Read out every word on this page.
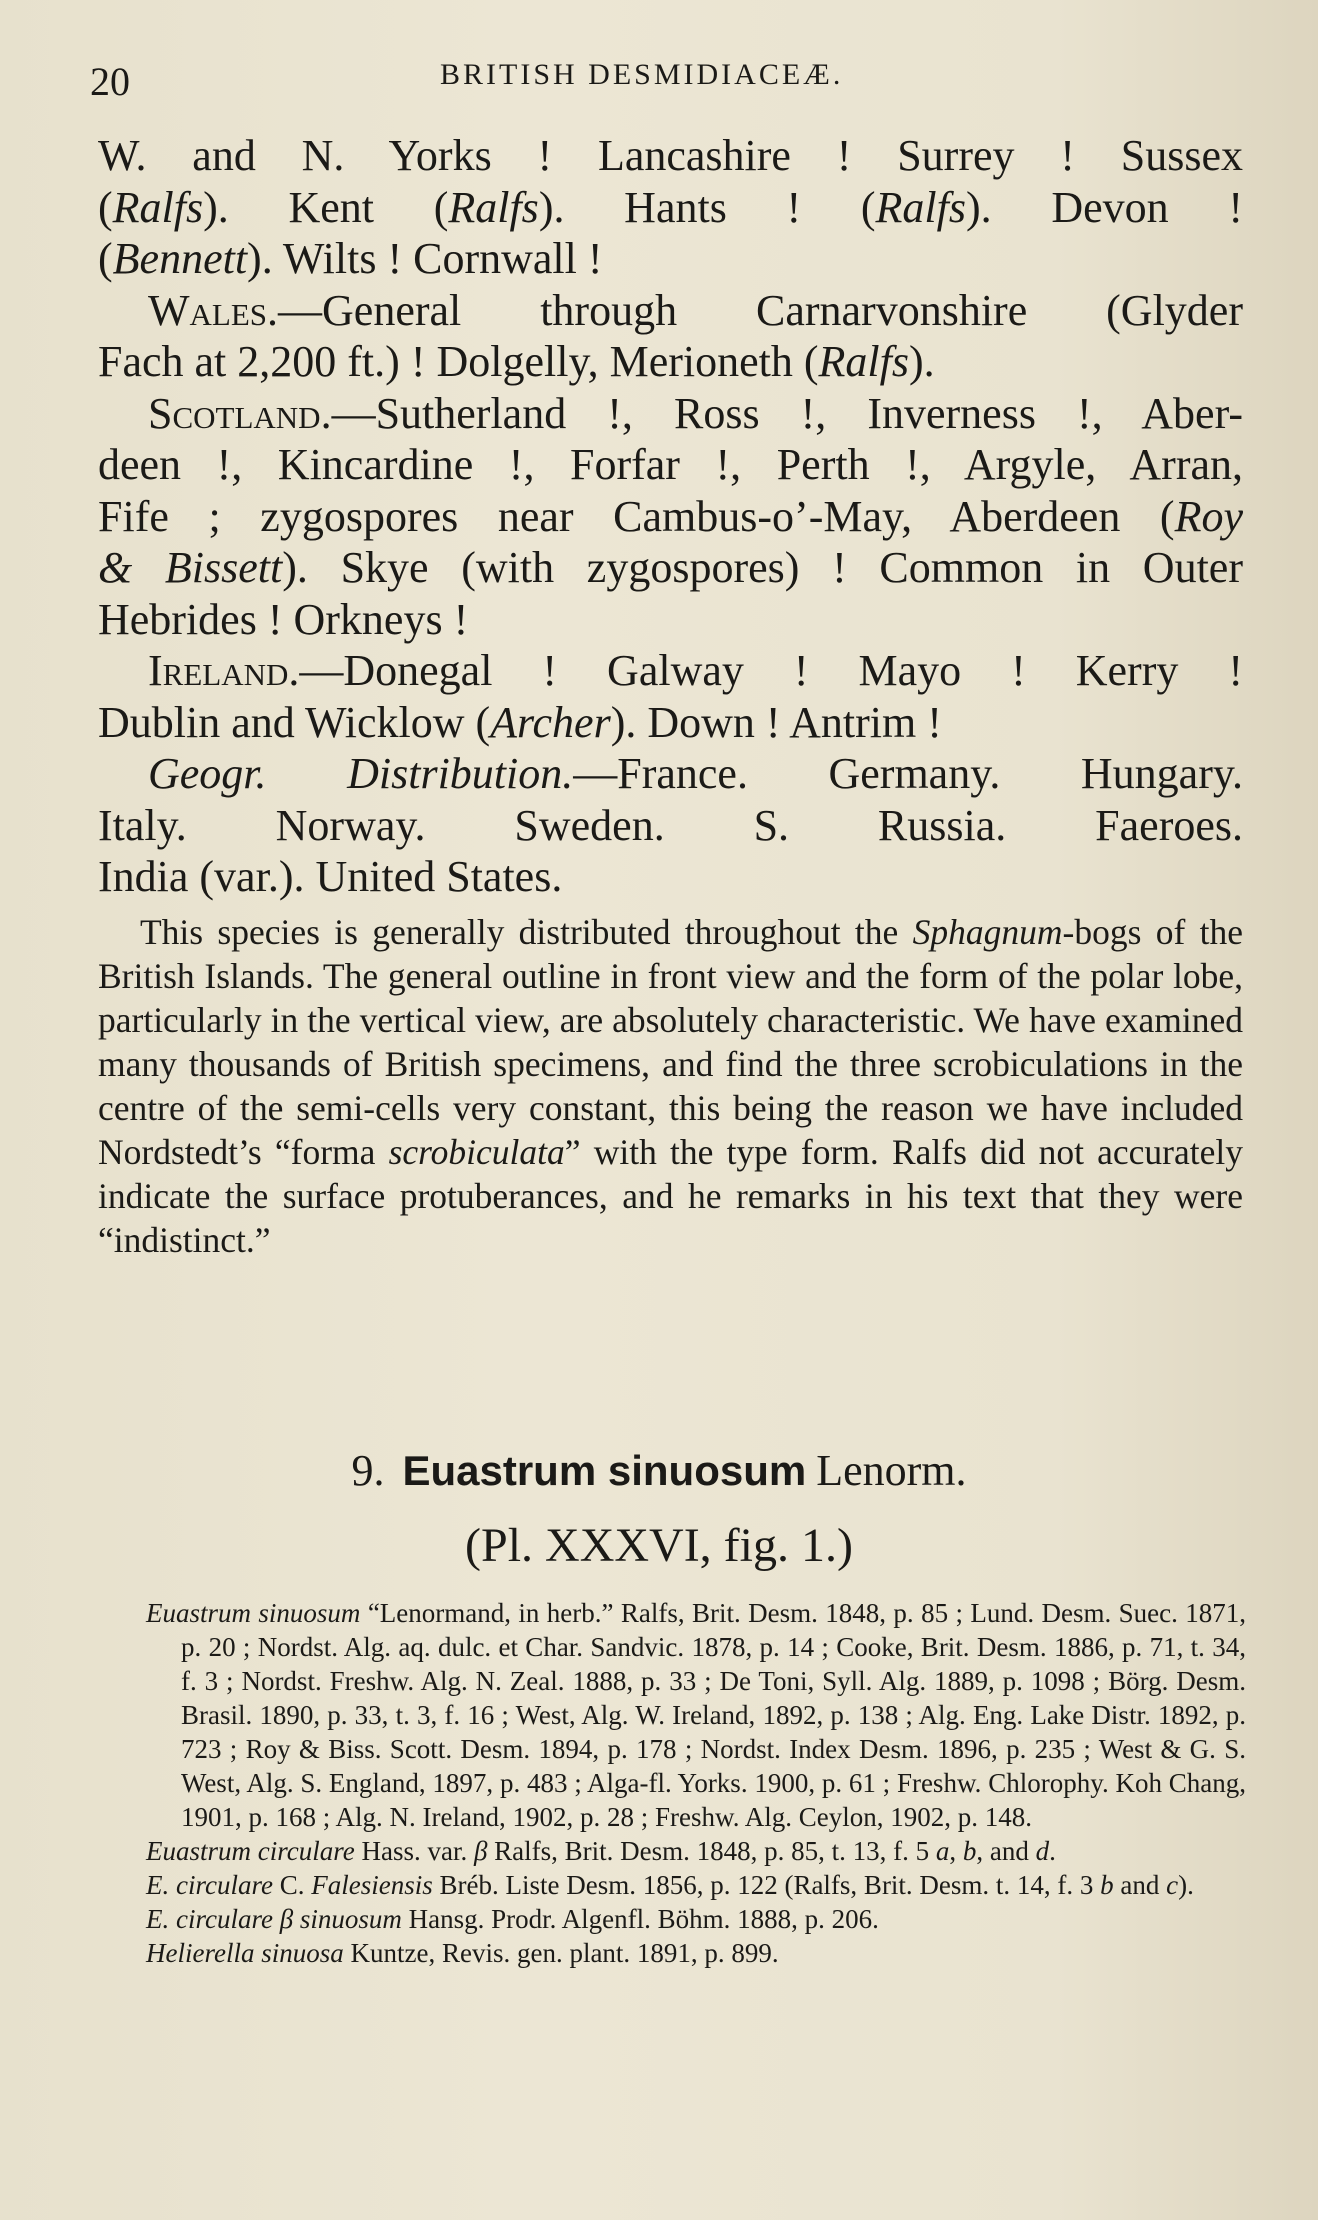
20	BRITISH DESMIDIACEÆ.

W. and N. Yorks ! Lancashire ! Surrey ! Sussex

(Ralfs). Kent (Ralfs). Hants ! (Ralfs). Devon !

(Bennett). Wilts ! Cornwall !

Wales.—General through Carnarvonshire (Glyder

Fach at 2,200 ft.) ! Dolgelly, Merioneth (Ralfs).

Scotland.—Sutherland !, Ross !, Inverness !, Aber-

deen !, Kincardine !, Forfar !, Perth !, Argyle, Arran,

Fife ; zygospores near Cambus-o’-May, Aberdeen (Roy

& Bissett). Skye (with zygospores) ! Common in Outer

Hebrides ! Orkneys !

Ireland.—Donegal ! Galway ! Mayo ! Kerry !

Dublin and Wicklow (Archer). Down ! Antrim !

Geogr. Distribution.—France. Germany. Hungary.

Italy. Norway. Sweden. S. Russia. Faeroes.

India (var.). United States.

This species is generally distributed throughout the Sphagnum-bogs of the British Islands. The general outline in front view and the form of the polar lobe, particularly in the vertical view, are absolutely characteristic. We have examined many thousands of British specimens, and find the three scrobiculations in the centre of the semi-cells very constant, this being the reason we have included Nordstedt’s “forma scrobiculata” with the type form. Ralfs did not accurately indicate the surface protuberances, and he remarks in his text that they were “indistinct.”

9. Euastrum sinuosum Lenorm.
(Pl. XXXVI, fig. 1.)

Euastrum sinuosum “Lenormand, in herb.” Ralfs, Brit. Desm. 1848, p. 85 ; Lund. Desm. Suec. 1871, p. 20 ; Nordst. Alg. aq. dulc. et Char. Sandvic. 1878, p. 14 ; Cooke, Brit. Desm. 1886, p. 71, t. 34, f. 3 ; Nordst. Freshw. Alg. N. Zeal. 1888, p. 33 ; De Toni, Syll. Alg. 1889, p. 1098 ; Börg. Desm. Brasil. 1890, p. 33, t. 3, f. 16 ; West, Alg. W. Ireland, 1892, p. 138 ; Alg. Eng. Lake Distr. 1892, p. 723 ; Roy & Biss. Scott. Desm. 1894, p. 178 ; Nordst. Index Desm. 1896, p. 235 ; West & G. S. West, Alg. S. England, 1897, p. 483 ; Alga-fl. Yorks. 1900, p. 61 ; Freshw. Chlorophy. Koh Chang, 1901, p. 168 ; Alg. N. Ireland, 1902, p. 28 ; Freshw. Alg. Ceylon, 1902, p. 148.

Euastrum circulare Hass. var. β Ralfs, Brit. Desm. 1848, p. 85, t. 13, f. 5 a, b, and d.

E. circulare C. Falesiensis Bréb. Liste Desm. 1856, p. 122 (Ralfs, Brit. Desm. t. 14, f. 3 b and c).

E. circulare β sinuosum Hansg. Prodr. Algenfl. Böhm. 1888, p. 206.

Helierella sinuosa Kuntze, Revis. gen. plant. 1891, p. 899.
